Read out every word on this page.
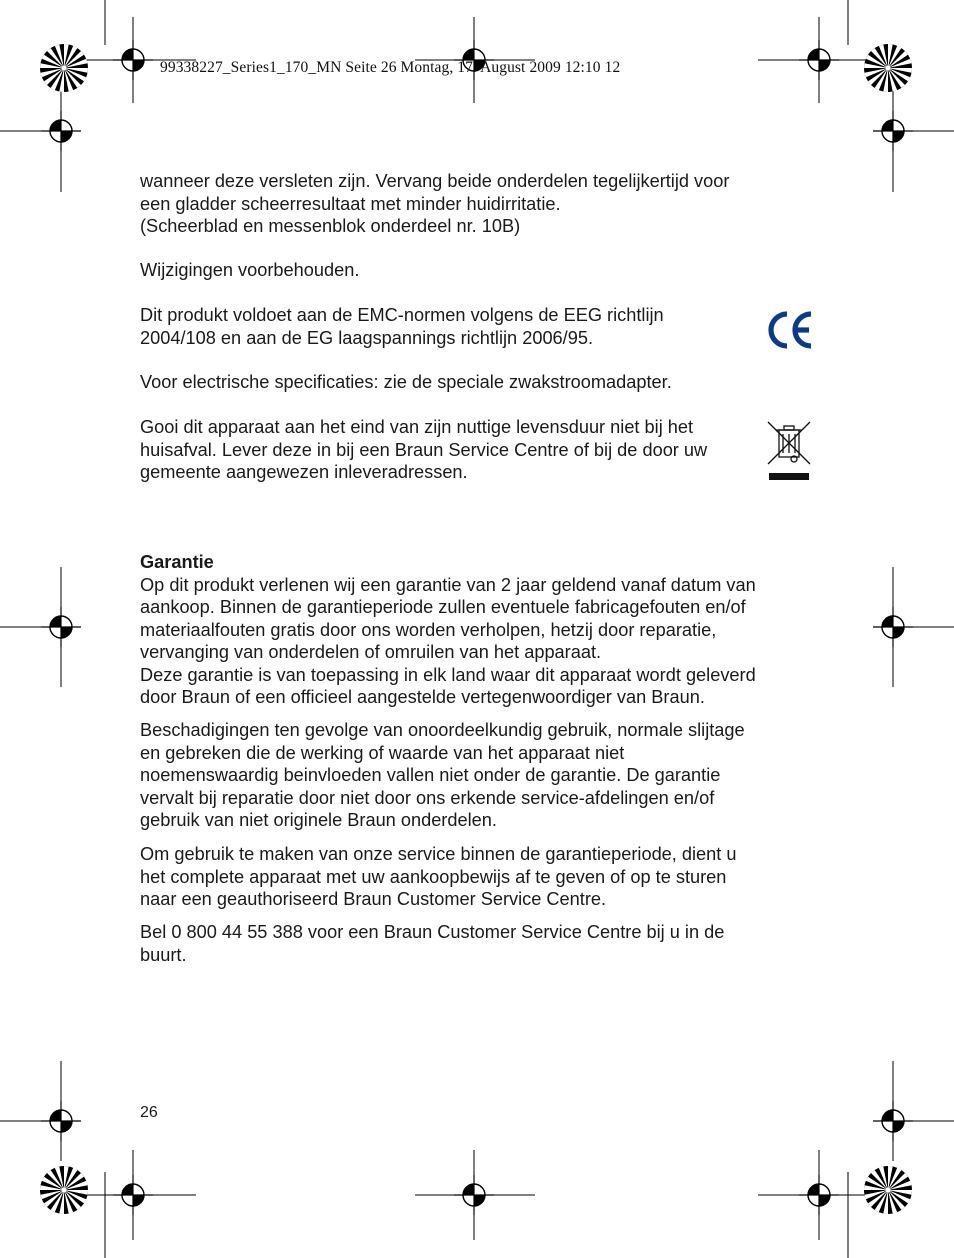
99338227_Series1_170_MN Seite 26 Montag, 17. August 2009 12:10 12

wanneer deze versleten zijn. Vervang beide onderdelen tegelijkertijd voor
een gladder scheerresultaat met minder huidirritatie.
(Scheerblad en messenblok onderdeel nr. 10B)

Wijzigingen voorbehouden.

Dit produkt voldoet aan de EMC-normen volgens de EEG richtlijn
2004/108 en aan de EG laagspannings richtlijn 2006/95.

Voor electrische specificaties: zie de speciale zwakstroomadapter.

Gooi dit apparaat aan het eind van zijn nuttige levensduur niet bij het
huisafval. Lever deze in bij een Braun Service Centre of bij de door uw
gemeente aangewezen inleveradressen.

Garantie
Op dit produkt verlenen wij een garantie van 2 jaar geldend vanaf datum van
aankoop. Binnen de garantieperiode zullen eventuele fabricagefouten en/of
materiaalfouten gratis door ons worden verholpen, hetzij door reparatie,
vervanging van onderdelen of omruilen van het apparaat.
Deze garantie is van toepassing in elk land waar dit apparaat wordt geleverd
door Braun of een officieel aangestelde vertegenwoordiger van Braun.

Beschadigingen ten gevolge van onoordeelkundig gebruik, normale slijtage
en gebreken die de werking of waarde van het apparaat niet
noemenswaardig beinvloeden vallen niet onder de garantie. De garantie
vervalt bij reparatie door niet door ons erkende service-afdelingen en/of
gebruik van niet originele Braun onderdelen.

Om gebruik te maken van onze service binnen de garantieperiode, dient u
het complete apparaat met uw aankoopbewijs af te geven of op te sturen
naar een geauthoriseerd Braun Customer Service Centre.

Bel 0 800 44 55 388 voor een Braun Customer Service Centre bij u in de
buurt.

26
